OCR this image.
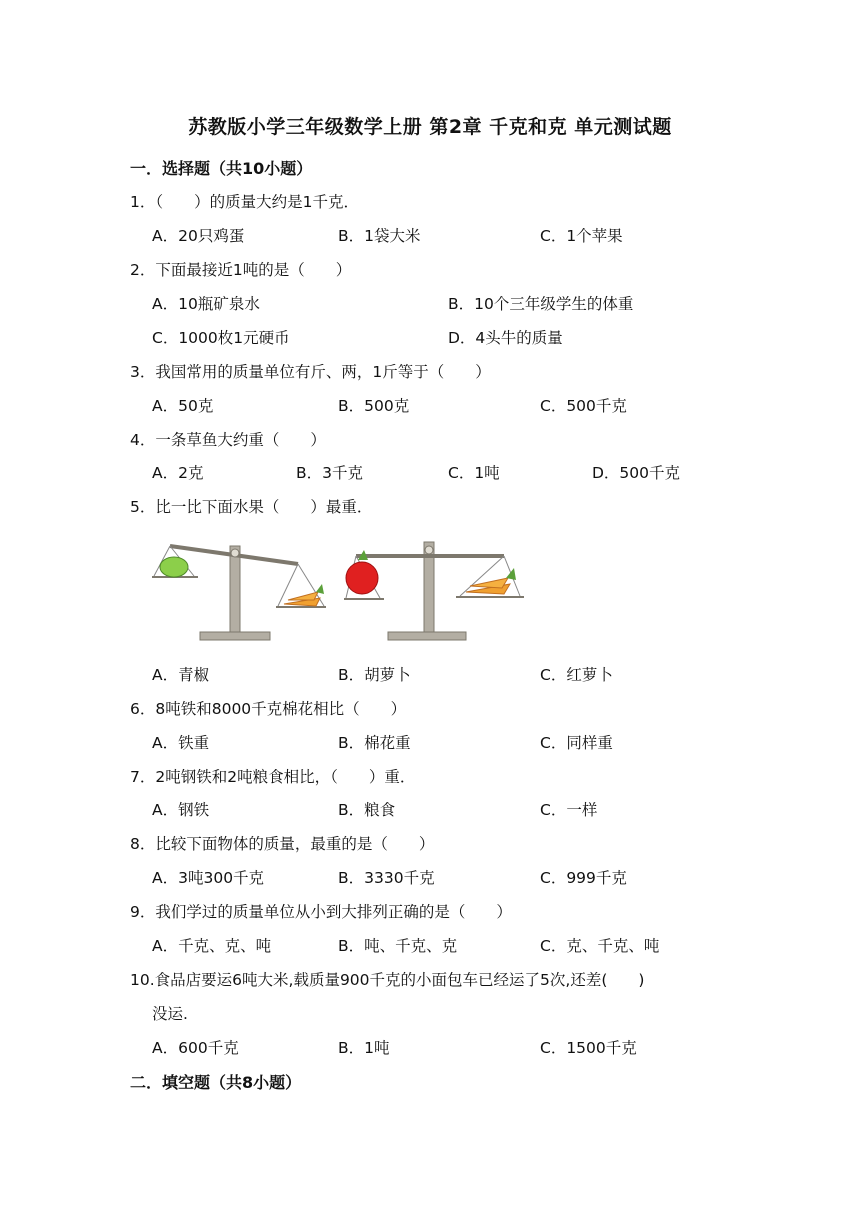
苏教版小学三年级数学上册 第2章 千克和克 单元测试题
一．选择题（共10小题）
1．（　　）的质量大约是1千克．
A．20只鸡蛋	B．1袋大米	C．1个苹果
2．下面最接近1吨的是（　　）
A．10瓶矿泉水	B．10个三年级学生的体重
C．1000枚1元硬币	D．4头牛的质量
3．我国常用的质量单位有斤、两，1斤等于（　　）
A．50克	B．500克	C．500千克
4．一条草鱼大约重（　　）
A．2克	B．3千克	C．1吨	D．500千克
5．比一比下面水果（　　）最重．
A．青椒	B．胡萝卜	C．红萝卜
6．8吨铁和8000千克棉花相比（　　）
A．铁重	B．棉花重	C．同样重
7．2吨钢铁和2吨粮食相比，（　　）重．
A．钢铁	B．粮食	C．一样
8．比较下面物体的质量，最重的是（　　）
A．3吨300千克	B．3330千克	C．999千克
9．我们学过的质量单位从小到大排列正确的是（　　）
A．千克、克、吨	B．吨、千克、克	C．克、千克、吨
10.食品店要运6吨大米,载质量900千克的小面包车已经运了5次,还差(　　)
没运.
A．600千克	B．1吨	C．1500千克
二．填空题（共8小题）
